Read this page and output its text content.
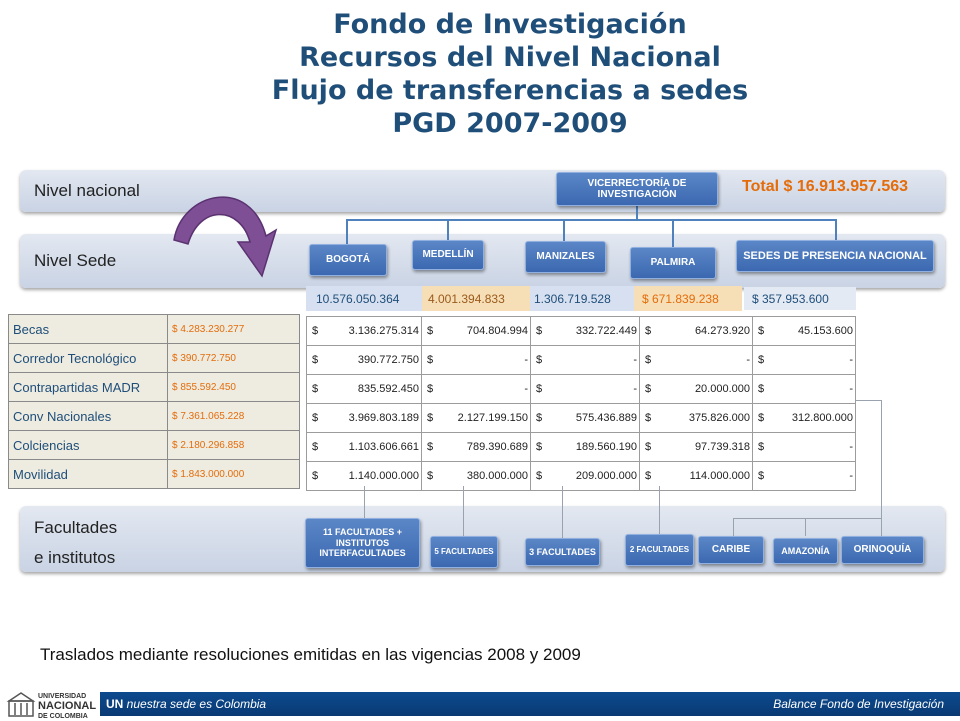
Fondo de Investigación
Recursos del Nivel Nacional
Flujo de transferencias a sedes
PGD 2007-2009
Nivel nacional
Nivel Sede
Facultades
e institutos
VICERRECTORÍA DE INVESTIGACIÓN	Total $ 16.913.957.563
BOGOTÁ	MEDELLÍN	MANIZALES
PALMIRA
SEDES DE PRESENCIA NACIONAL
10.576.050.364	4.001.394.833	1.306.719.528	$ 671.839.238	$ 357.953.600
Becas	$ 4.283.230.277
Corredor Tecnológico	$ 390.772.750
Contrapartidas MADR	$ 855.592.450
Conv Nacionales	$ 7.361.065.228
Colciencias	$ 2.180.296.858
Movilidad	$ 1.843.000.000
$ 3.136.275.314	$ 704.804.994	$ 332.722.449	$ 64.273.920	$ 45.153.600

$ 390.772.750	$ -	$ -	$ -	$ -

$ 835.592.450	$ -	$ -	$ 20.000.000	$ -

$ 3.969.803.189	$ 2.127.199.150	$ 575.436.889	$ 375.826.000	$ 312.800.000

$ 1.103.606.661	$ 789.390.689	$ 189.560.190	$ 97.739.318	$ -

$ 1.140.000.000	$ 380.000.000	$ 209.000.000	$ 114.000.000	$ -
11 FACULTADES + INSTITUTOS INTERFACULTADES	5 FACULTADES	3 FACULTADES	2 FACULTADES	CARIBE	AMAZONÍA	ORINOQUÍA
Traslados mediante resoluciones emitidas en las vigencias 2008 y 2009
UN nuestra sede es Colombia	Balance Fondo de Investigación
UNIVERSIDAD
NACIONAL
DE COLOMBIA
